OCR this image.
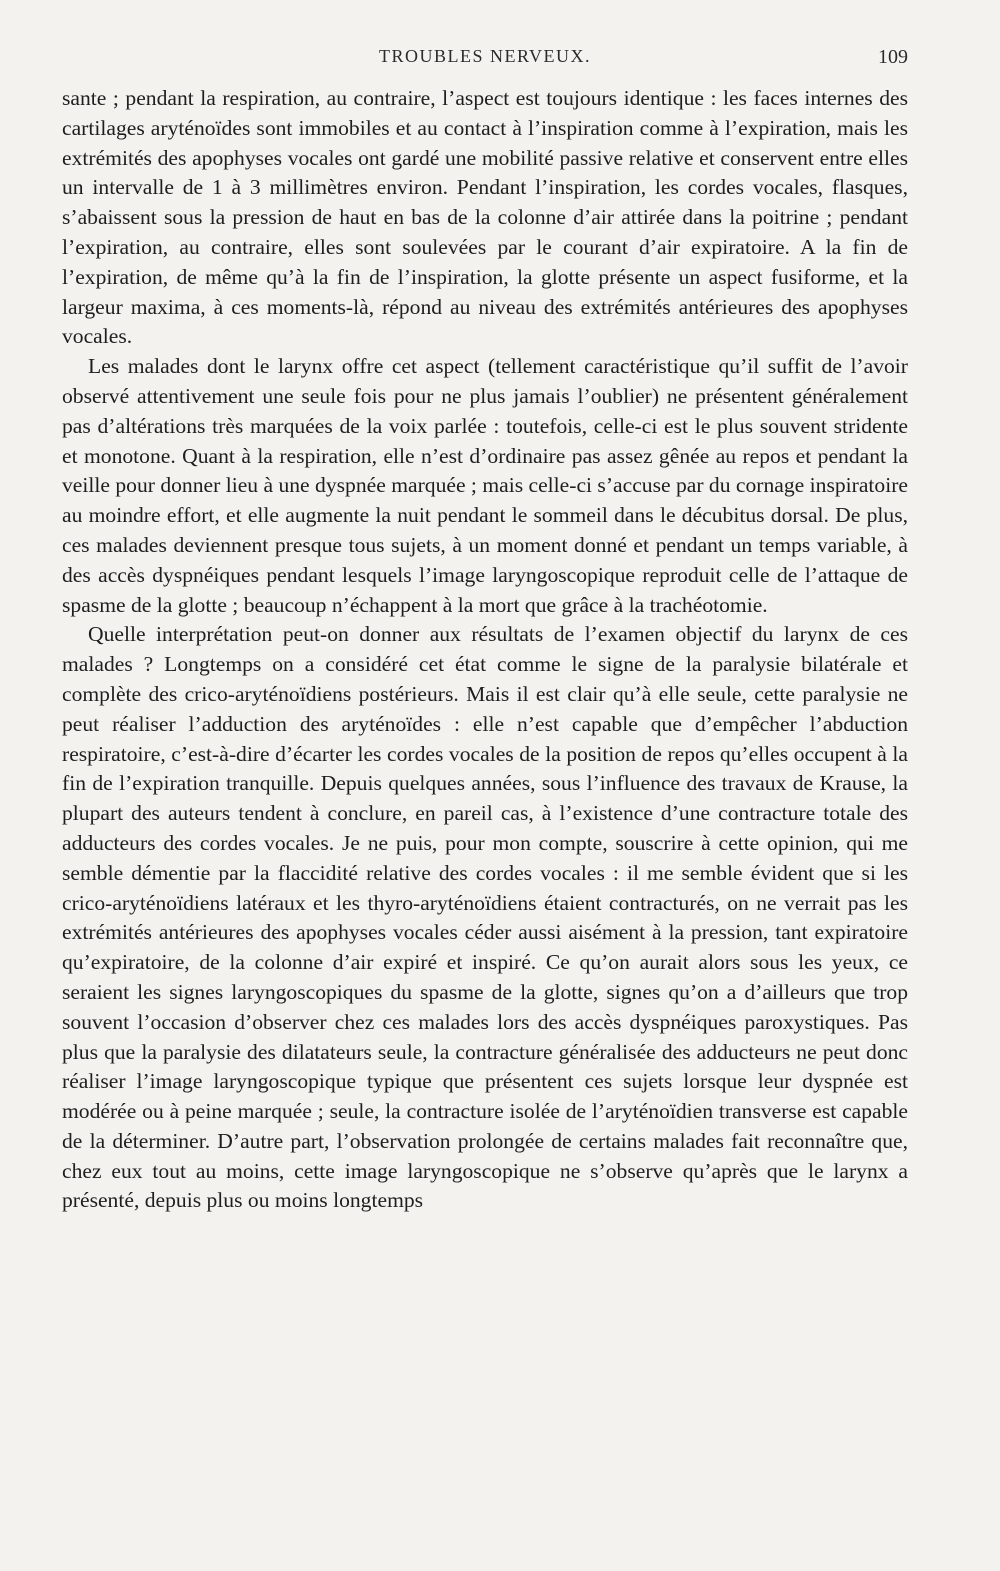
TROUBLES NERVEUX.	109

sante ; pendant la respiration, au contraire, l’aspect est toujours identique : les faces internes des cartilages aryténoïdes sont immobiles et au contact à l’inspiration comme à l’expiration, mais les extrémités des apophyses vocales ont gardé une mobilité passive relative et conservent entre elles un intervalle de 1 à 3 millimètres environ. Pendant l’inspiration, les cordes vocales, flasques, s’abaissent sous la pression de haut en bas de la colonne d’air attirée dans la poitrine ; pendant l’expiration, au contraire, elles sont soulevées par le courant d’air expiratoire. A la fin de l’expiration, de même qu’à la fin de l’inspiration, la glotte présente un aspect fusiforme, et la largeur maxima, à ces moments-là, répond au niveau des extrémités antérieures des apophyses vocales.

Les malades dont le larynx offre cet aspect (tellement caractéristique qu’il suffit de l’avoir observé attentivement une seule fois pour ne plus jamais l’oublier) ne présentent généralement pas d’altérations très marquées de la voix parlée : toutefois, celle-ci est le plus souvent stridente et monotone. Quant à la respiration, elle n’est d’ordinaire pas assez gênée au repos et pendant la veille pour donner lieu à une dyspnée marquée ; mais celle-ci s’accuse par du cornage inspiratoire au moindre effort, et elle augmente la nuit pendant le sommeil dans le décubitus dorsal. De plus, ces malades deviennent presque tous sujets, à un moment donné et pendant un temps variable, à des accès dyspnéiques pendant lesquels l’image laryngoscopique reproduit celle de l’attaque de spasme de la glotte ; beaucoup n’échappent à la mort que grâce à la trachéotomie.

Quelle interprétation peut-on donner aux résultats de l’examen objectif du larynx de ces malades ? Longtemps on a considéré cet état comme le signe de la paralysie bilatérale et complète des crico-aryténoïdiens postérieurs. Mais il est clair qu’à elle seule, cette paralysie ne peut réaliser l’adduction des aryténoïdes : elle n’est capable que d’empêcher l’abduction respiratoire, c’est-à-dire d’écarter les cordes vocales de la position de repos qu’elles occupent à la fin de l’expiration tranquille. Depuis quelques années, sous l’influence des travaux de Krause, la plupart des auteurs tendent à conclure, en pareil cas, à l’existence d’une contracture totale des adducteurs des cordes vocales. Je ne puis, pour mon compte, souscrire à cette opinion, qui me semble démentie par la flaccidité relative des cordes vocales : il me semble évident que si les crico-aryténoïdiens latéraux et les thyro-aryténoïdiens étaient contracturés, on ne verrait pas les extrémités antérieures des apophyses vocales céder aussi aisément à la pression, tant expiratoire qu’expiratoire, de la colonne d’air expiré et inspiré. Ce qu’on aurait alors sous les yeux, ce seraient les signes laryngoscopiques du spasme de la glotte, signes qu’on a d’ailleurs que trop souvent l’occasion d’observer chez ces malades lors des accès dyspnéiques paroxystiques. Pas plus que la paralysie des dilatateurs seule, la contracture généralisée des adducteurs ne peut donc réaliser l’image laryngoscopique typique que présentent ces sujets lorsque leur dyspnée est modérée ou à peine marquée ; seule, la contracture isolée de l’aryténoïdien transverse est capable de la déterminer. D’autre part, l’observation prolongée de certains malades fait reconnaître que, chez eux tout au moins, cette image laryngoscopique ne s’observe qu’après que le larynx a présenté, depuis plus ou moins longtemps
